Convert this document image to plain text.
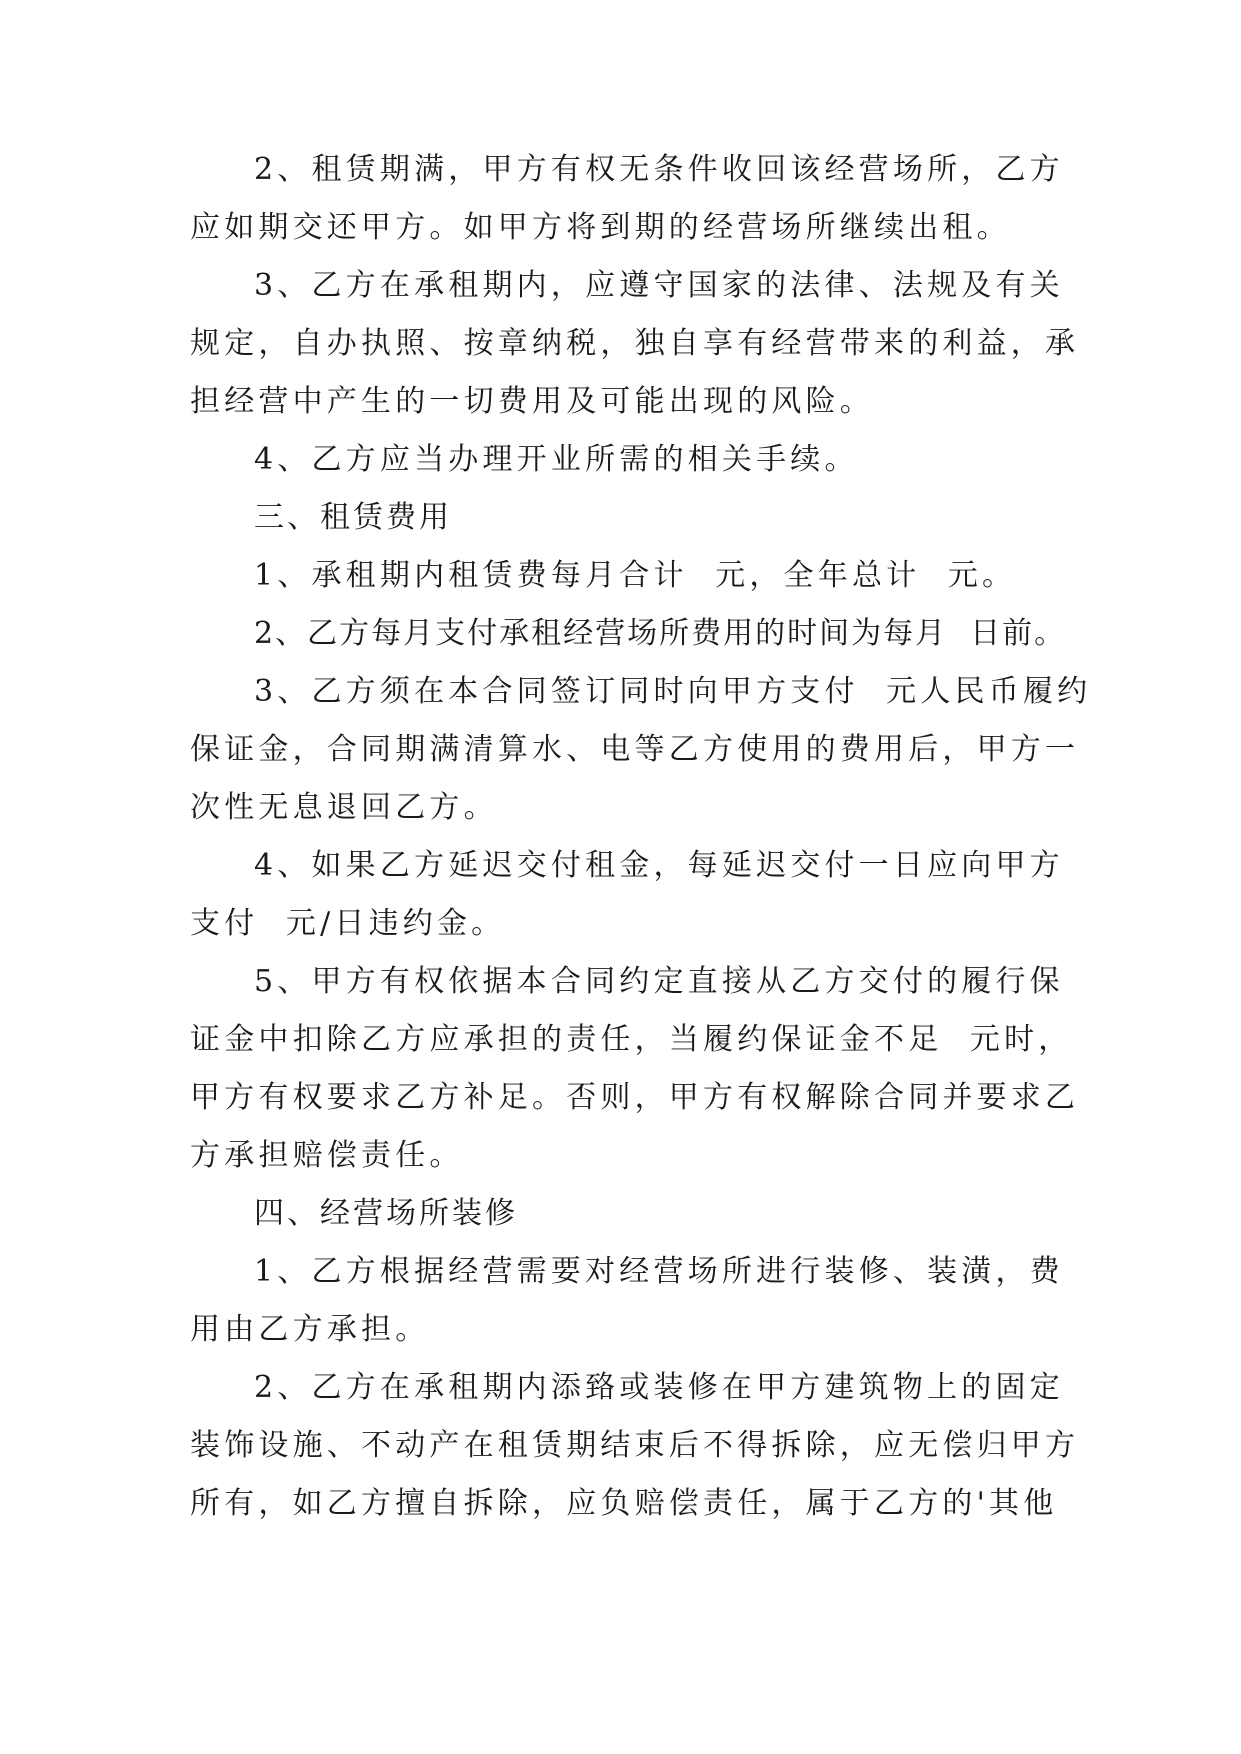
2、租赁期满，甲方有权无条件收回该经营场所，乙方
应如期交还甲方。如甲方将到期的经营场所继续出租。
3、乙方在承租期内，应遵守国家的法律、法规及有关
规定，自办执照、按章纳税，独自享有经营带来的利益，承
担经营中产生的一切费用及可能出现的风险。
4、乙方应当办理开业所需的相关手续。
三、租赁费用
1、承租期内租赁费每月合计  元，全年总计  元。
2、乙方每月支付承租经营场所费用的时间为每月  日前。
3、乙方须在本合同签订同时向甲方支付  元人民币履约
保证金，合同期满清算水、电等乙方使用的费用后，甲方一
次性无息退回乙方。
4、如果乙方延迟交付租金，每延迟交付一日应向甲方
支付  元/日违约金。
5、甲方有权依据本合同约定直接从乙方交付的履行保
证金中扣除乙方应承担的责任，当履约保证金不足  元时，
甲方有权要求乙方补足。否则，甲方有权解除合同并要求乙
方承担赔偿责任。
四、经营场所装修
1、乙方根据经营需要对经营场所进行装修、装潢，费
用由乙方承担。
2、乙方在承租期内添臵或装修在甲方建筑物上的固定
装饰设施、不动产在租赁期结束后不得拆除，应无偿归甲方
所有，如乙方擅自拆除，应负赔偿责任，属于乙方的'其他
